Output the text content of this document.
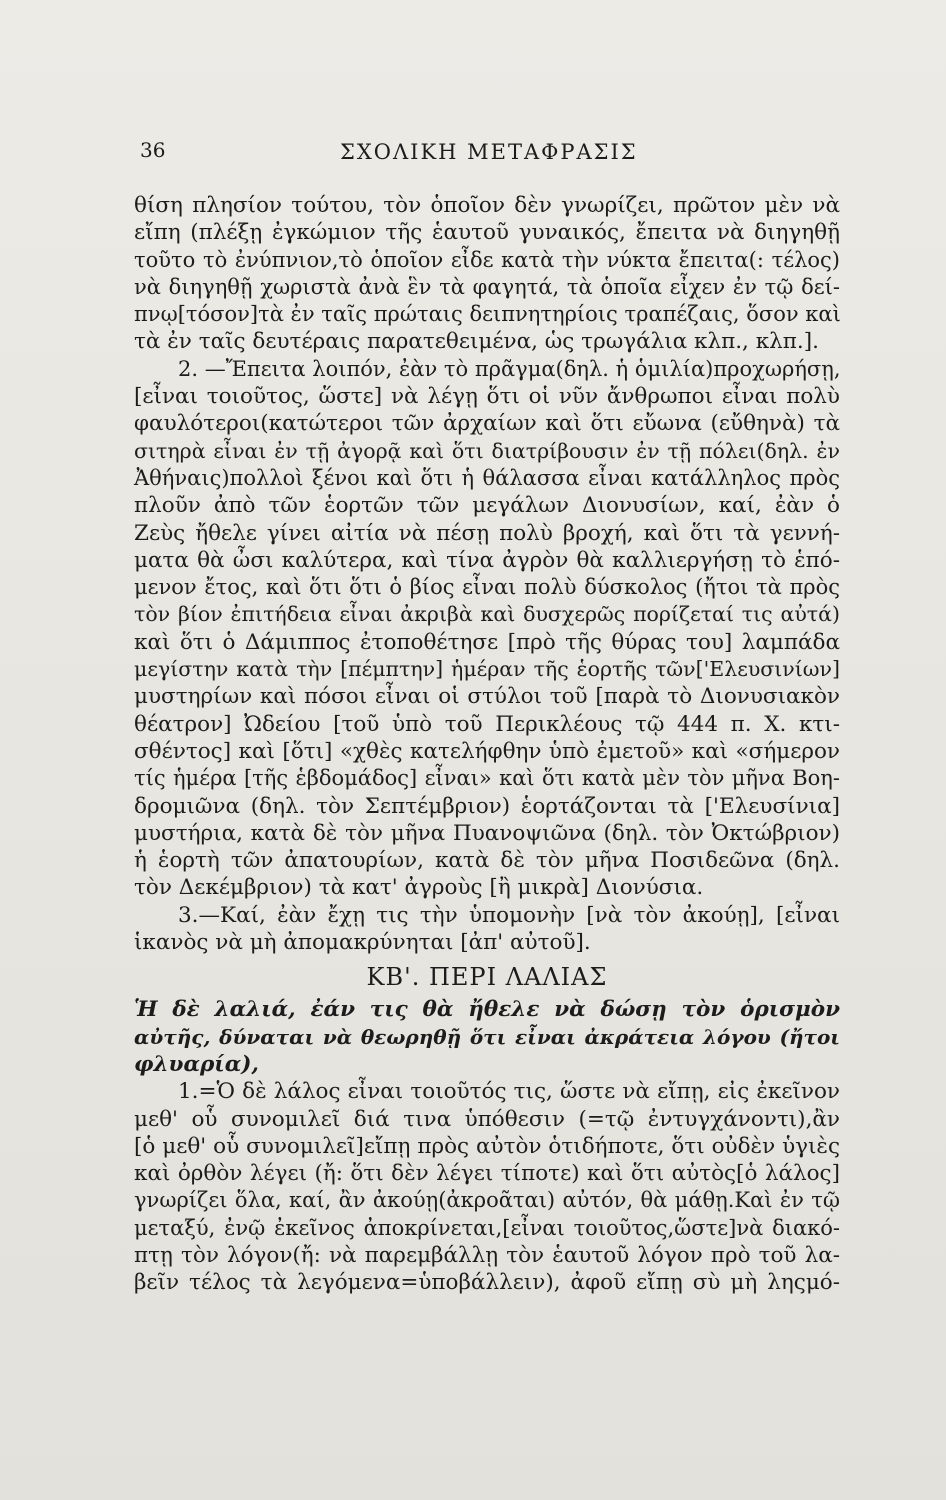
36	ΣΧΟΛΙΚΗ ΜΕΤΑΦΡΑΣΙΣ
θίση πλησίον τούτου, τὸν ὁποῖον δὲν γνωρίζει, πρῶτον μὲν νὰ
εἴπη (πλέξῃ ἐγκώμιον τῆς ἑαυτοῦ γυναικός, ἔπειτα νὰ διηγηθῇ
τοῦτο τὸ ἐνύπνιον,τὸ ὁποῖον εἶδε κατὰ τὴν νύκτα ἔπειτα(: τέλος)
νὰ διηγηθῇ χωριστὰ ἀνὰ ἓν τὰ φαγητά, τὰ ὁποῖα εἶχεν ἐν τῷ δεί-
πνῳ[τόσον]τὰ ἐν ταῖς πρώταις δειπνητηρίοις τραπέζαις, ὅσον καὶ
τὰ ἐν ταῖς δευτέραις παρατεθειμένα, ὡς τρωγάλια κλπ., κλπ.].
2. —Ἔπειτα λοιπόν, ἐὰν τὸ πρᾶγμα(δηλ. ἡ ὁμιλία)προχωρήσῃ,
[εἶναι τοιοῦτος, ὥστε] νὰ λέγῃ ὅτι οἱ νῦν ἄνθρωποι εἶναι πολὺ
φαυλότεροι(κατώτεροι τῶν ἀρχαίων καὶ ὅτι εὔωνα (εὔθηνὰ) τὰ
σιτηρὰ εἶναι ἐν τῇ ἀγορᾷ καὶ ὅτι διατρίβουσιν ἐν τῇ πόλει(δηλ. ἐν
Ἀθήναις)πολλοὶ ξένοι καὶ ὅτι ἡ θάλασσα εἶναι κατάλληλος πρὸς
πλοῦν ἀπὸ τῶν ἑορτῶν τῶν μεγάλων Διονυσίων, καί, ἐὰν ὁ
Ζεὺς ἤθελε γίνει αἰτία νὰ πέσῃ πολὺ βροχή, καὶ ὅτι τὰ γεννή-
ματα θὰ ὦσι καλύτερα, καὶ τίνα ἀγρὸν θὰ καλλιεργήσῃ τὸ ἑπό-
μενον ἔτος, καὶ ὅτι ὅτι ὁ βίος εἶναι πολὺ δύσκολος (ἤτοι τὰ πρὸς
τὸν βίον ἐπιτήδεια εἶναι ἀκριβὰ καὶ δυσχερῶς πορίζεταί τις αὐτά)
καὶ ὅτι ὁ Δάμιππος ἐτοποθέτησε [πρὸ τῆς θύρας του] λαμπάδα
μεγίστην κατὰ τὴν [πέμπτην] ἡμέραν τῆς ἑορτῆς τῶν['Ελευσινίων]
μυστηρίων καὶ πόσοι εἶναι οἱ στύλοι τοῦ [παρὰ τὸ Διονυσιακὸν
θέατρον] Ὠδείου [τοῦ ὑπὸ τοῦ Περικλέους τῷ 444 π. Χ. κτι-
σθέντος] καὶ [ὅτι] «χθὲς κατελήφθην ὑπὸ ἐμετοῦ» καὶ «σήμερον
τίς ἡμέρα [τῆς ἑβδομάδος] εἶναι» καὶ ὅτι κατὰ μὲν τὸν μῆνα Βοη-
δρομιῶνα (δηλ. τὸν Σεπτέμβριον) ἑορτάζονται τὰ ['Ελευσίνια]
μυστήρια, κατὰ δὲ τὸν μῆνα Πυανοψιῶνα (δηλ. τὸν Ὀκτώβριον)
ἡ ἑορτὴ τῶν ἀπατουρίων, κατὰ δὲ τὸν μῆνα Ποσιδεῶνα (δηλ.
τὸν Δεκέμβριον) τὰ κατ' ἀγροὺς [ἢ μικρὰ] Διονύσια.
3.—Καί, ἐὰν ἔχῃ τις τὴν ὑπομονὴν [νὰ τὸν ἀκούῃ], [εἶναι
ἱκανὸς νὰ μὴ ἀπομακρύνηται [ἀπ' αὐτοῦ].
ΚΒ'. ΠΕΡΙ ΛΑΛΙΑΣ
Ἡ δὲ λαλιά, ἐάν τις θὰ ἤθελε νὰ δώσῃ τὸν ὁρισμὸν
αὐτῆς, δύναται νὰ θεωρηθῇ ὅτι εἶναι ἀκράτεια λόγου (ἤτοι
φλυαρία),
1.=Ὁ δὲ λάλος εἶναι τοιοῦτός τις, ὥστε νὰ εἴπῃ, εἰς ἐκεῖνον
μεθ' οὗ συνομιλεῖ διά τινα ὑπόθεσιν (=τῷ ἐντυγχάνοντι),ἂν
[ὁ μεθ' οὗ συνομιλεῖ]εἴπῃ πρὸς αὐτὸν ὁτιδήποτε, ὅτι οὐδὲν ὑγιὲς
καὶ ὀρθὸν λέγει (ἤ: ὅτι δὲν λέγει τίποτε) καὶ ὅτι αὐτὸς[ὁ λάλος]
γνωρίζει ὅλα, καί, ἂν ἀκούῃ(ἀκροᾶται) αὐτόν, θὰ μάθῃ.Καὶ ἐν τῷ
μεταξύ, ἐνῷ ἐκεῖνος ἀποκρίνεται,[εἶναι τοιοῦτος,ὥστε]νὰ διακό-
πτῃ τὸν λόγον(ἤ: νὰ παρεμβάλλῃ τὸν ἑαυτοῦ λόγον πρὸ τοῦ λα-
βεῖν τέλος τὰ λεγόμενα=ὑποβάλλειν), ἀφοῦ εἴπῃ σὺ μὴ ληςμό-
